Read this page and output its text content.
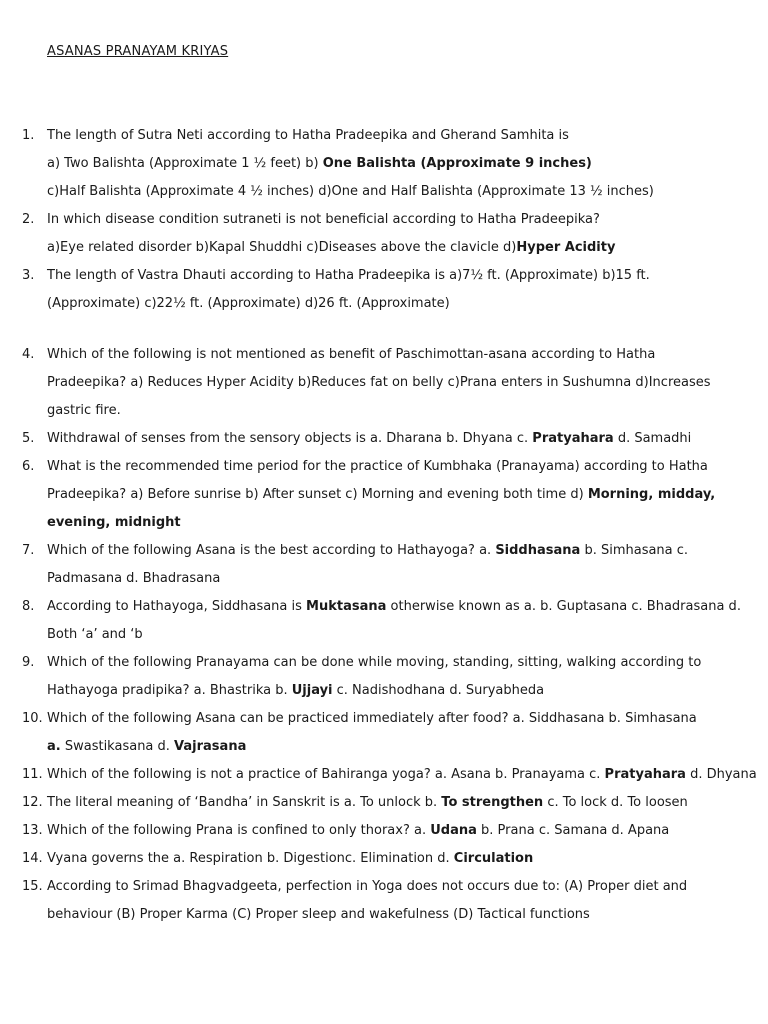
ASANAS PRANAYAM KRIYAS
1. The length of Sutra Neti according to Hatha Pradeepika and Gherand Samhita is
a) Two Balishta (Approximate 1 ½ feet) b) One Balishta (Approximate 9 inches)
c)Half Balishta (Approximate 4 ½ inches) d)One and Half Balishta (Approximate 13 ½ inches)
2. In which disease condition sutraneti is not beneficial according to Hatha Pradeepika?
a)Eye related disorder b)Kapal Shuddhi c)Diseases above the clavicle d)Hyper Acidity
3. The length of Vastra Dhauti according to Hatha Pradeepika is a)7½ ft. (Approximate) b)15 ft.
(Approximate) c)22½ ft. (Approximate) d)26 ft. (Approximate)
4. Which of the following is not mentioned as benefit of Paschimottan-asana according to Hatha
Pradeepika? a) Reduces Hyper Acidity b)Reduces fat on belly c)Prana enters in Sushumna d)Increases
gastric fire.
5. Withdrawal of senses from the sensory objects is a. Dharana b. Dhyana c. Pratyahara d. Samadhi
6. What is the recommended time period for the practice of Kumbhaka (Pranayama) according to Hatha
Pradeepika? a) Before sunrise b) After sunset c) Morning and evening both time d) Morning, midday,
evening, midnight
7. Which of the following Asana is the best according to Hathayoga? a. Siddhasana b. Simhasana c.
Padmasana d. Bhadrasana
8. According to Hathayoga, Siddhasana is Muktasana otherwise known as a. b. Guptasana c. Bhadrasana d.
Both ‘a’ and ‘b
9. Which of the following Pranayama can be done while moving, standing, sitting, walking according to
Hathayoga pradipika? a. Bhastrika b. Ujjayi c. Nadishodhana d. Suryabheda
10. Which of the following Asana can be practiced immediately after food? a. Siddhasana b. Simhasana
a. Swastikasana d. Vajrasana
11. Which of the following is not a practice of Bahiranga yoga? a. Asana b. Pranayama c. Pratyahara d. Dhyana
12. The literal meaning of ‘Bandha’ in Sanskrit is a. To unlock b. To strengthen c. To lock d. To loosen
13. Which of the following Prana is confined to only thorax? a. Udana b. Prana c. Samana d. Apana
14. Vyana governs the a. Respiration b. Digestionc. Elimination d. Circulation
15. According to Srimad Bhagvadgeeta, perfection in Yoga does not occurs due to: (A) Proper diet and
behaviour (B) Proper Karma (C) Proper sleep and wakefulness (D) Tactical functions
